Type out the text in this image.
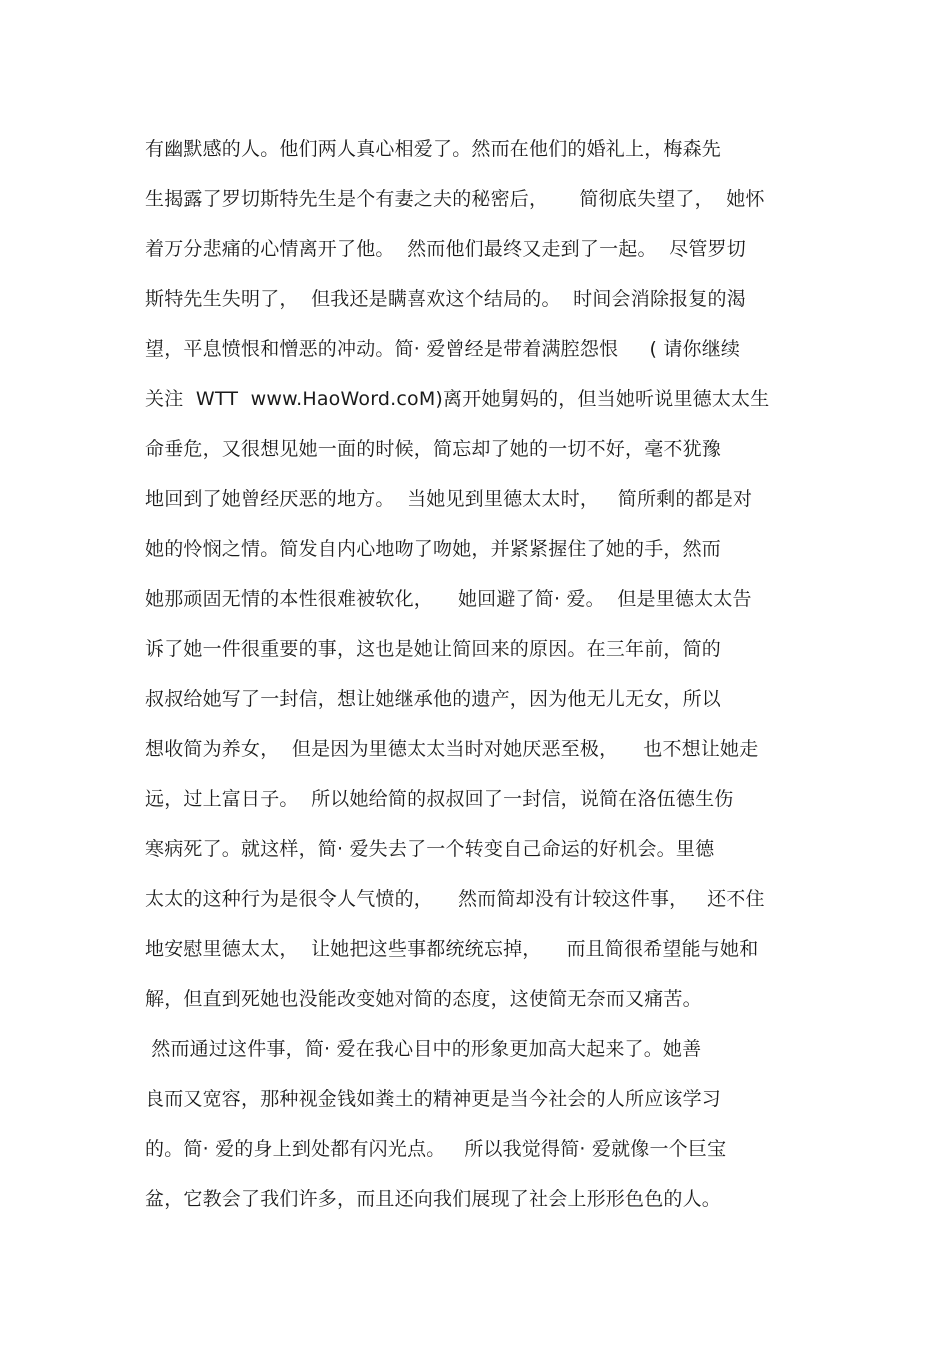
有幽默感的人。他们两人真心相爱了。然而在他们的婚礼上，梅森先
生揭露了罗切斯特先生是个有妻之夫的秘密后，     简彻底失望了，  她怀
着万分悲痛的心情离开了他。  然而他们最终又走到了一起。  尽管罗切
斯特先生失明了，  但我还是瞒喜欢这个结局的。  时间会消除报复的渴
望，平息愤恨和憎恶的冲动。简· 爱曾经是带着满腔怨恨     ( 请你继续
关注  WTT  www.HaoWord.coM)离开她舅妈的，但当她听说里德太太生
命垂危，又很想见她一面的时候，简忘却了她的一切不好，毫不犹豫
地回到了她曾经厌恶的地方。  当她见到里德太太时，   简所剩的都是对
她的怜悯之情。简发自内心地吻了吻她，并紧紧握住了她的手，然而
她那顽固无情的本性很难被软化，    她回避了简· 爱。  但是里德太太告
诉了她一件很重要的事，这也是她让简回来的原因。在三年前，简的
叔叔给她写了一封信，想让她继承他的遗产，因为他无儿无女，所以
想收简为养女，  但是因为里德太太当时对她厌恶至极，    也不想让她走
远，过上富日子。  所以她给简的叔叔回了一封信，说简在洛伍德生伤
寒病死了。就这样，简· 爱失去了一个转变自己命运的好机会。里德
太太的这种行为是很令人气愤的，    然而简却没有计较这件事，   还不住
地安慰里德太太，  让她把这些事都统统忘掉，    而且简很希望能与她和
解，但直到死她也没能改变她对简的态度，这使简无奈而又痛苦。
然而通过这件事，简· 爱在我心目中的形象更加高大起来了。她善
良而又宽容，那种视金钱如粪土的精神更是当今社会的人所应该学习
的。简· 爱的身上到处都有闪光点。   所以我觉得简· 爱就像一个巨宝
盆，它教会了我们许多，而且还向我们展现了社会上形形色色的人。
